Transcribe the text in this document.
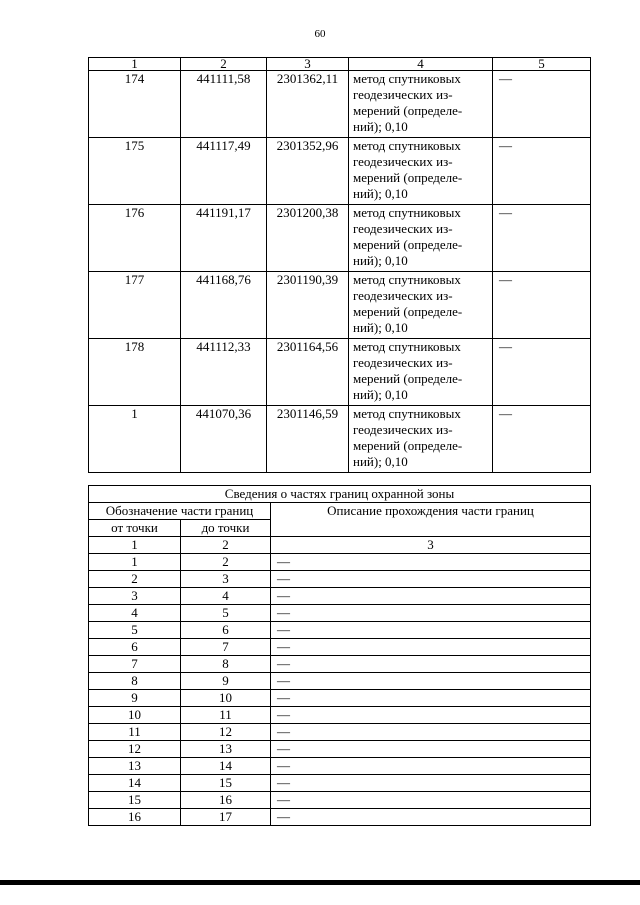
60
1	2	3	4	5
174	441111,58	2301362,11	метод спутниковых
геодезических из-
мерений (определе-
ний); 0,10	—
175	441117,49	2301352,96	метод спутниковых
геодезических из-
мерений (определе-
ний); 0,10	—
176	441191,17	2301200,38	метод спутниковых
геодезических из-
мерений (определе-
ний); 0,10	—
177	441168,76	2301190,39	метод спутниковых
геодезических из-
мерений (определе-
ний); 0,10	—
178	441112,33	2301164,56	метод спутниковых
геодезических из-
мерений (определе-
ний); 0,10	—
1	441070,36	2301146,59	метод спутниковых
геодезических из-
мерений (определе-
ний); 0,10	—
Сведения о частях границ охранной зоны		
Обозначение части границ		Описание прохождения части границ
от точки	до точки	
1	2	3
1	2	—
2	3	—
3	4	—
4	5	—
5	6	—
6	7	—
7	8	—
8	9	—
9	10	—
10	11	—
11	12	—
12	13	—
13	14	—
14	15	—
15	16	—
16	17	—
